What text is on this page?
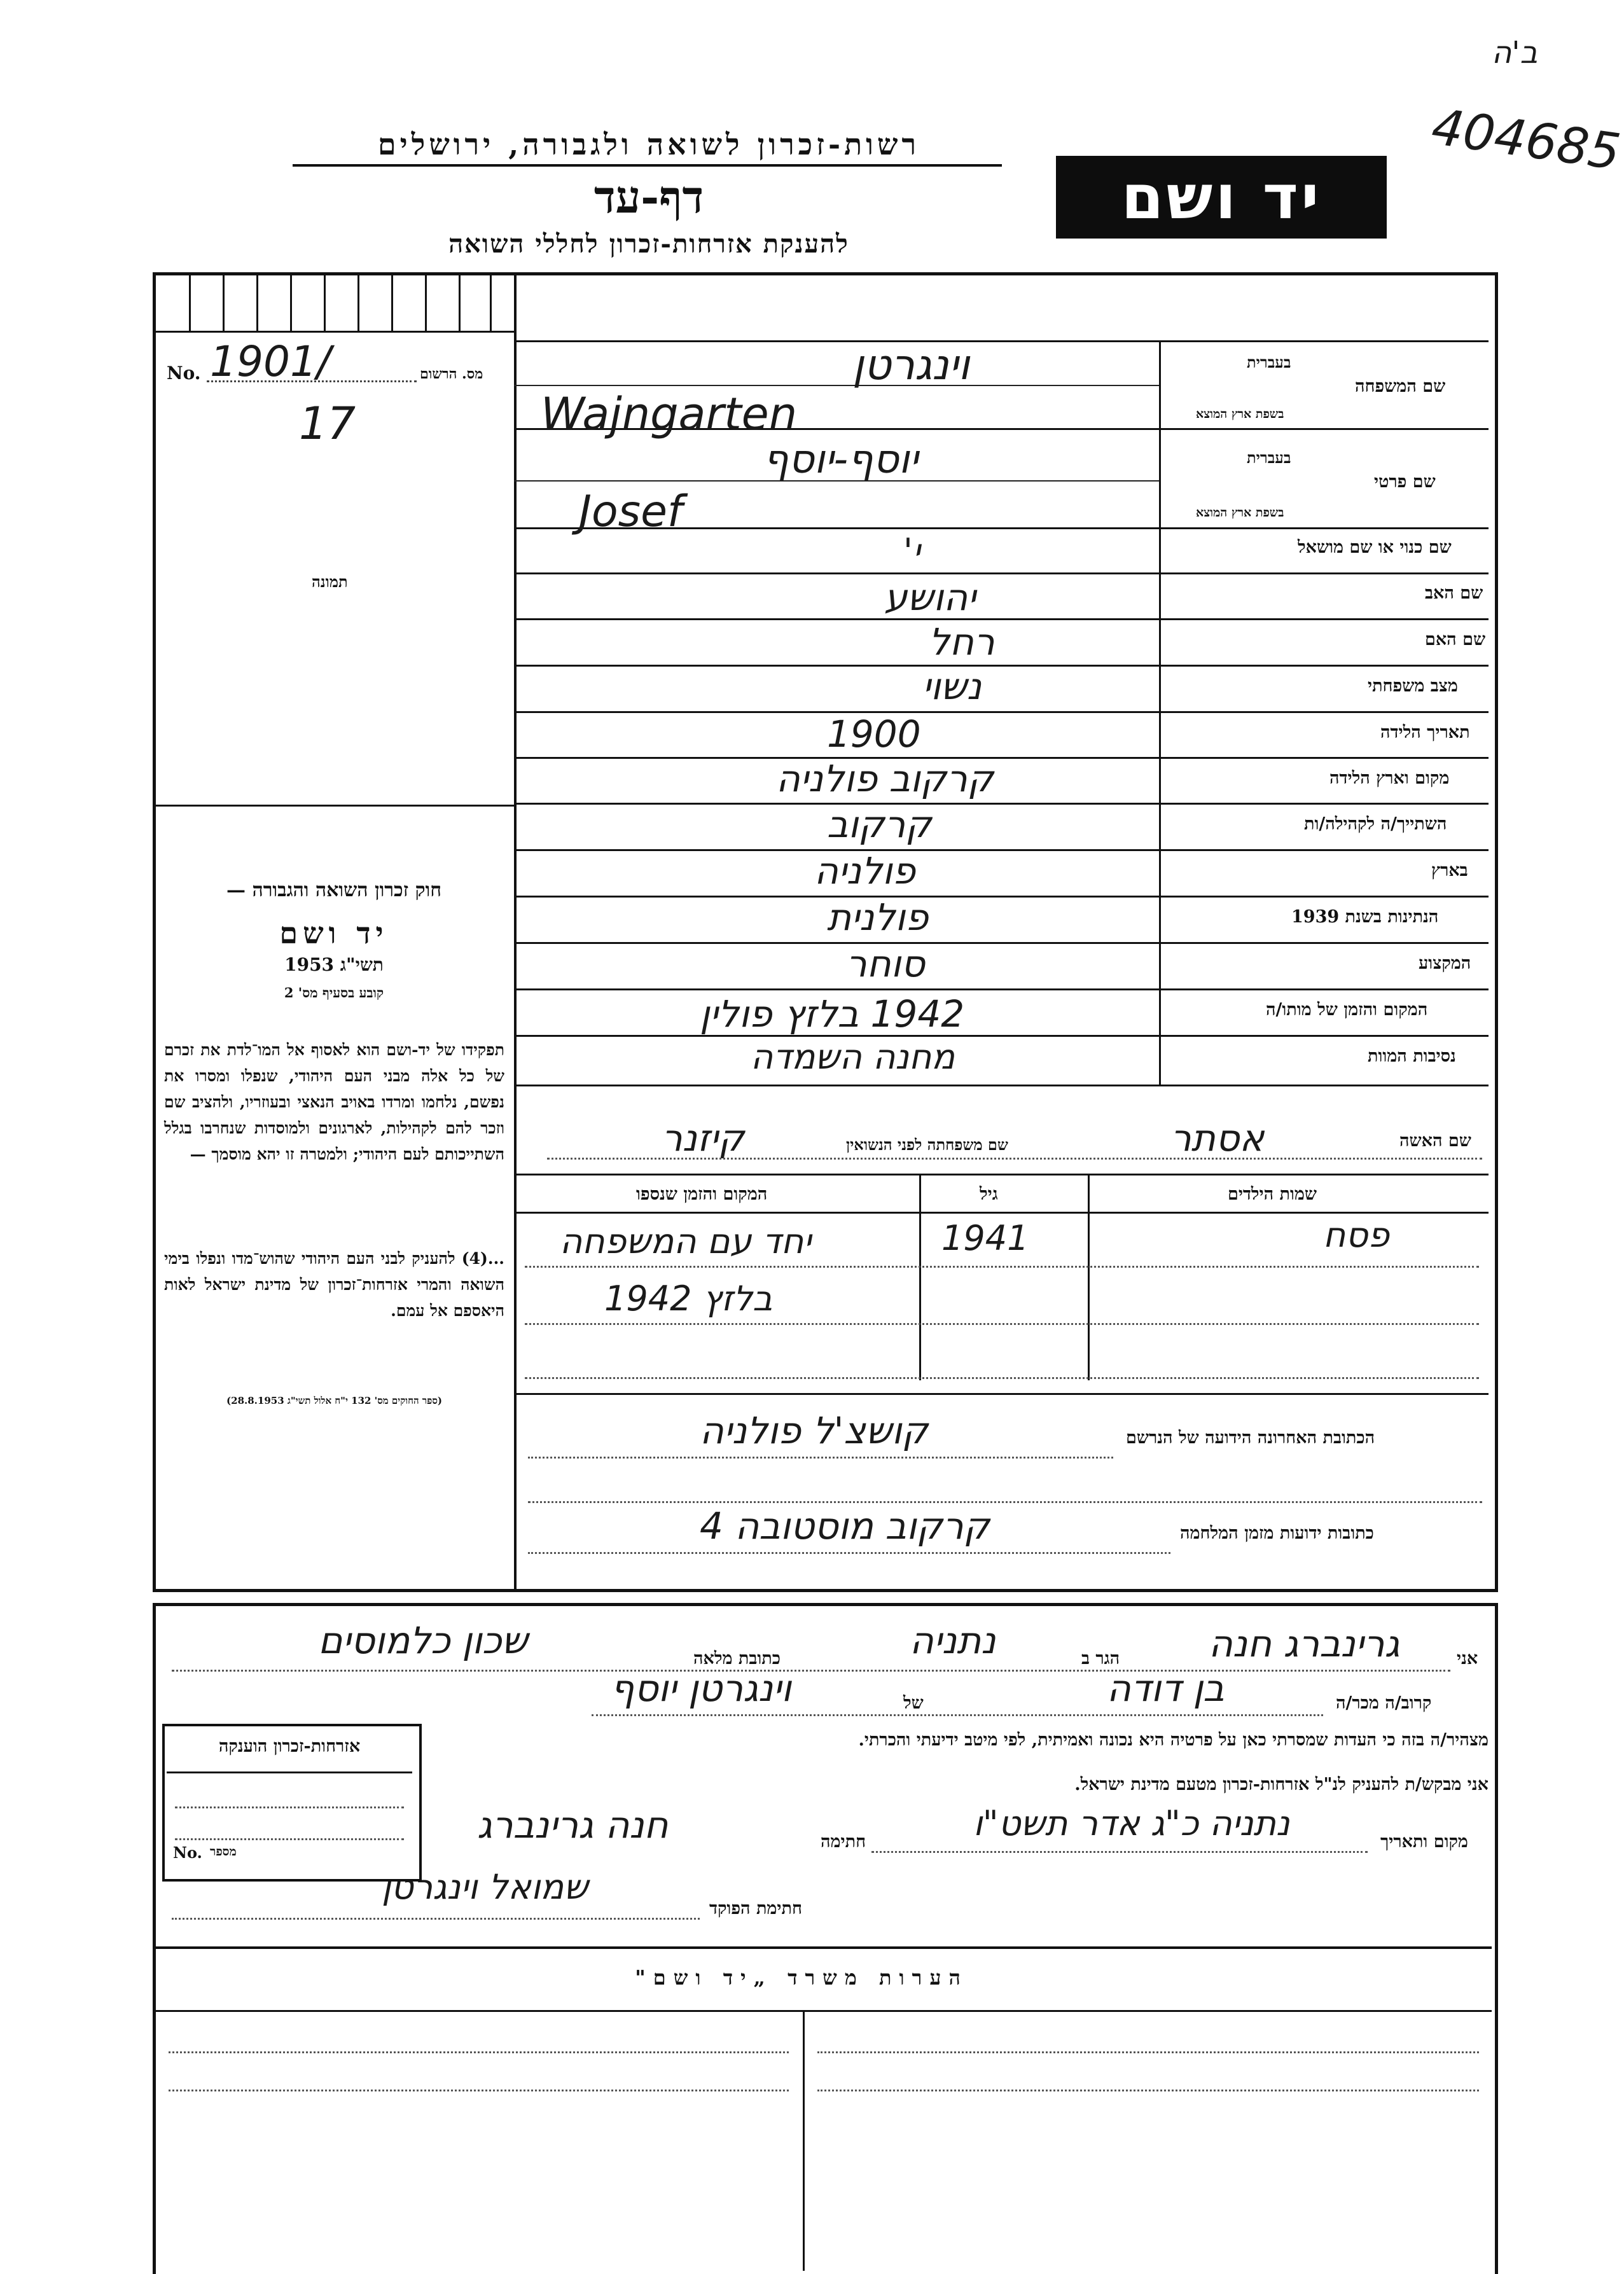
ב'ה
404685
רשות-זכרון לשואה ולגבורה, ירושלים
דף-עד
להענקת אזרחות-זכרון לחללי השואה
יד ושם
No. 1901/	מס. הרשום
17
תמונה
חוק זכרון השואה והגבורה —
יד ושם
תשי"ג 1953
קובע בסעיף מס' 2
תפקידו של יד-ושם הוא לאסוף אל המו־לדת את זכרם של כל אלה מבני העם היהודי, שנפלו ומסרו את נפשם, נלחמו ומרדו באויב הנאצי ובעוזריו, ולהציב שם וזכר להם לקהילות, לארגונים ולמוסדות שנחרבו בגלל השתייכותם לעם היהודי; ולמטרה זו יהא מוסמך —
...(4) להעניק לבני העם היהודי שהוש־מדו ונפלו בימי השואה והמרי אזרחות־זכרון של מדינת ישראל לאות היאספם אל עמם.
(ספר החוקים מס' 132 י"ח אלול תשי"ג 28.8.1953)
שם המשפחה
בעברית
בשפת ארץ המוצא
וינגרטן
Wajngarten
שם פרטי
בעברית
בשפת ארץ המוצא
יוסף-יוסף
Josef
שם כנוי או שם מושאל
י'
שם האב
יהושע
שם האם
רחל
מצב משפחתי
נשוי
תאריך הלידה
1900
מקום וארץ הלידה
קרקוב פולניה
השתייך/ה לקהילה/ות
קרקוב
בארץ
פולניה
הנתינות בשנת 1939
פולנית
המקצוע
סוחר
המקום והזמן של מותו/ה
1942 בלזץ פולין
נסיבות המוות
מחנה השמדה
שם האשה
אסתר
שם משפחתה לפני הנשואין
קיזנר
שמות הילדים
גיל
המקום והזמן שנספו
פסח
1941
יחד עם המשפחה
בלזץ 1942
הכתובת האחרונה הידועה של הנרשם
קושצ'ל פולניה
כתובות ידועות מזמן המלחמה
קרקוב מוסטובה 4
אני
גרינברג חנה
הגר ב
נתניה
כתובת מלאה
שכון כלמוסים
קרוב/ה מכר/ה
בן דודה
של
וינגרטן יוסף
מצהיר/ה בזה כי העדות שמסרתי כאן על פרטיה היא נכונה ואמיתית, לפי מיטב ידיעתי והכרתי.
אני מבקש/ת להעניק לנ"ל אזרחות-זכרון מטעם מדינת ישראל.
מקום ותאריך
נתניה כ"ג אדר תשט"ו
חתימה
חנה גרינברג
חתימת הפוקד
שמואל וינגרטן
אזרחות-זכרון הוענקה
No. מספר
הערות משרד „יד ושם"
